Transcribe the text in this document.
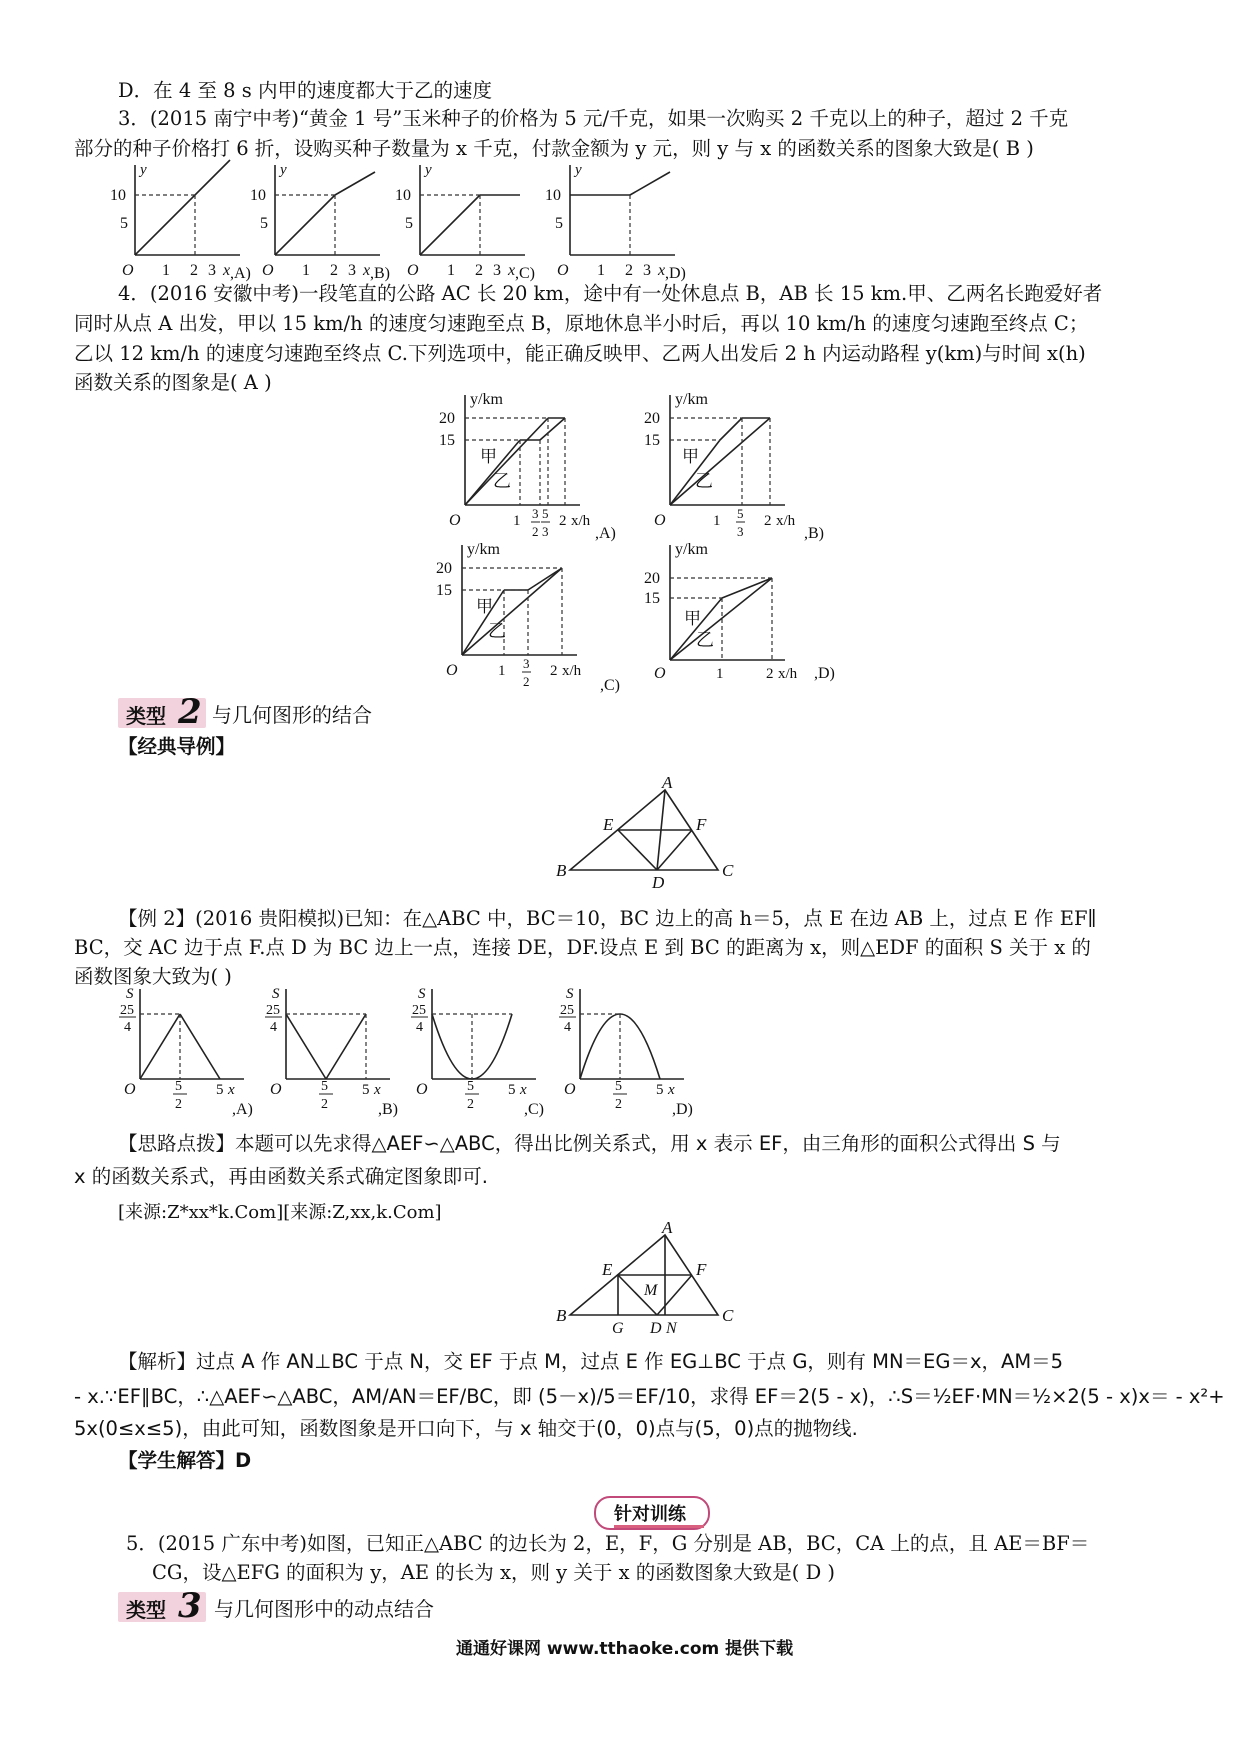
D．在 4 至 8 s 内甲的速度都大于乙的速度
3．(2015 南宁中考)“黄金 1 号”玉米种子的价格为 5 元/千克，如果一次购买 2 千克以上的种子，超过 2 千克
部分的种子价格打 6 折，设购买种子数量为 x 千克，付款金额为 y 元，则 y 与 x 的函数关系的图象大致是( B )
y
10
5
O 1 2 3 x ,A)
y
10
5
O 1 2 3 x ,B)
y
10
5
O 1 2 3 x ,C)
y
10
5
O 1 2 3 x ,D)
4．(2016 安徽中考)一段笔直的公路 AC 长 20 km，途中有一处休息点 B，AB 长 15 km.甲、乙两名长跑爱好者
同时从点 A 出发，甲以 15 km/h 的速度匀速跑至点 B，原地休息半小时后，再以 10 km/h 的速度匀速跑至终点 C；
乙以 12 km/h 的速度匀速跑至终点 C.下列选项中，能正确反映甲、乙两人出发后 2 h 内运动路程 y(km)与时间 x(h)
函数关系的图象是( A )
y/km
20
15
甲
乙
O	1 3
2
5
3
2 x/h
,A)
y/km
20
15
甲
乙
O	1 5
3
2 x/h
,B)
y/km
20
15
甲
乙
O	1 3
2
2 x/h
,C)
y/km
20
15
甲
乙
O	1	2 x/h ,D)
类型 2 与几何图形的结合
【经典导例】
A
B	C
D
E	F
【例 2】(2016 贵阳模拟)已知：在△ABC 中，BC＝10，BC 边上的高 h＝5，点 E 在边 AB 上，过点 E 作 EF∥
BC，交 AC 边于点 F.点 D 为 BC 边上一点，连接 DE，DF.设点 E 到 BC 的距离为 x，则△EDF 的面积 S 关于 x 的
函数图象大致为( )
S
25
4
O	5
2
5 x
,A)
S
25
4
O	5
2
5 x
,B)
S
25
4
O	5
2
5 x
,C)
S
25
4
O	5
2
5 x
,D)
【思路点拨】本题可以先求得△AEF∽△ABC，得出比例关系式，用 x 表示 EF，由三角形的面积公式得出 S 与
x 的函数关系式，再由函数关系式确定图象即可.
[来源:Z*xx*k.Com][来源:Z,xx,k.Com]
A
B	C
E	F
M
G D N
【解析】过点 A 作 AN⊥BC 于点 N，交 EF 于点 M，过点 E 作 EG⊥BC 于点 G，则有 MN＝EG＝x，AM＝5
- x.∵EF∥BC，∴△AEF∽△ABC，AM/AN＝EF/BC，即 (5－x)/5＝EF/10，求得 EF＝2(5 - x)，∴S＝½EF·MN＝½×2(5 - x)x＝ - x²+
5x(0≤x≤5)，由此可知，函数图象是开口向下，与 x 轴交于(0，0)点与(5，0)点的抛物线.
【学生解答】D
针对训练
5．(2015 广东中考)如图，已知正△ABC 的边长为 2，E，F，G 分别是 AB，BC，CA 上的点，且 AE＝BF＝
CG，设△EFG 的面积为 y，AE 的长为 x，则 y 关于 x 的函数图象大致是( D )
类型 3 与几何图形中的动点结合
通通好课网 www.tthaoke.com 提供下载
